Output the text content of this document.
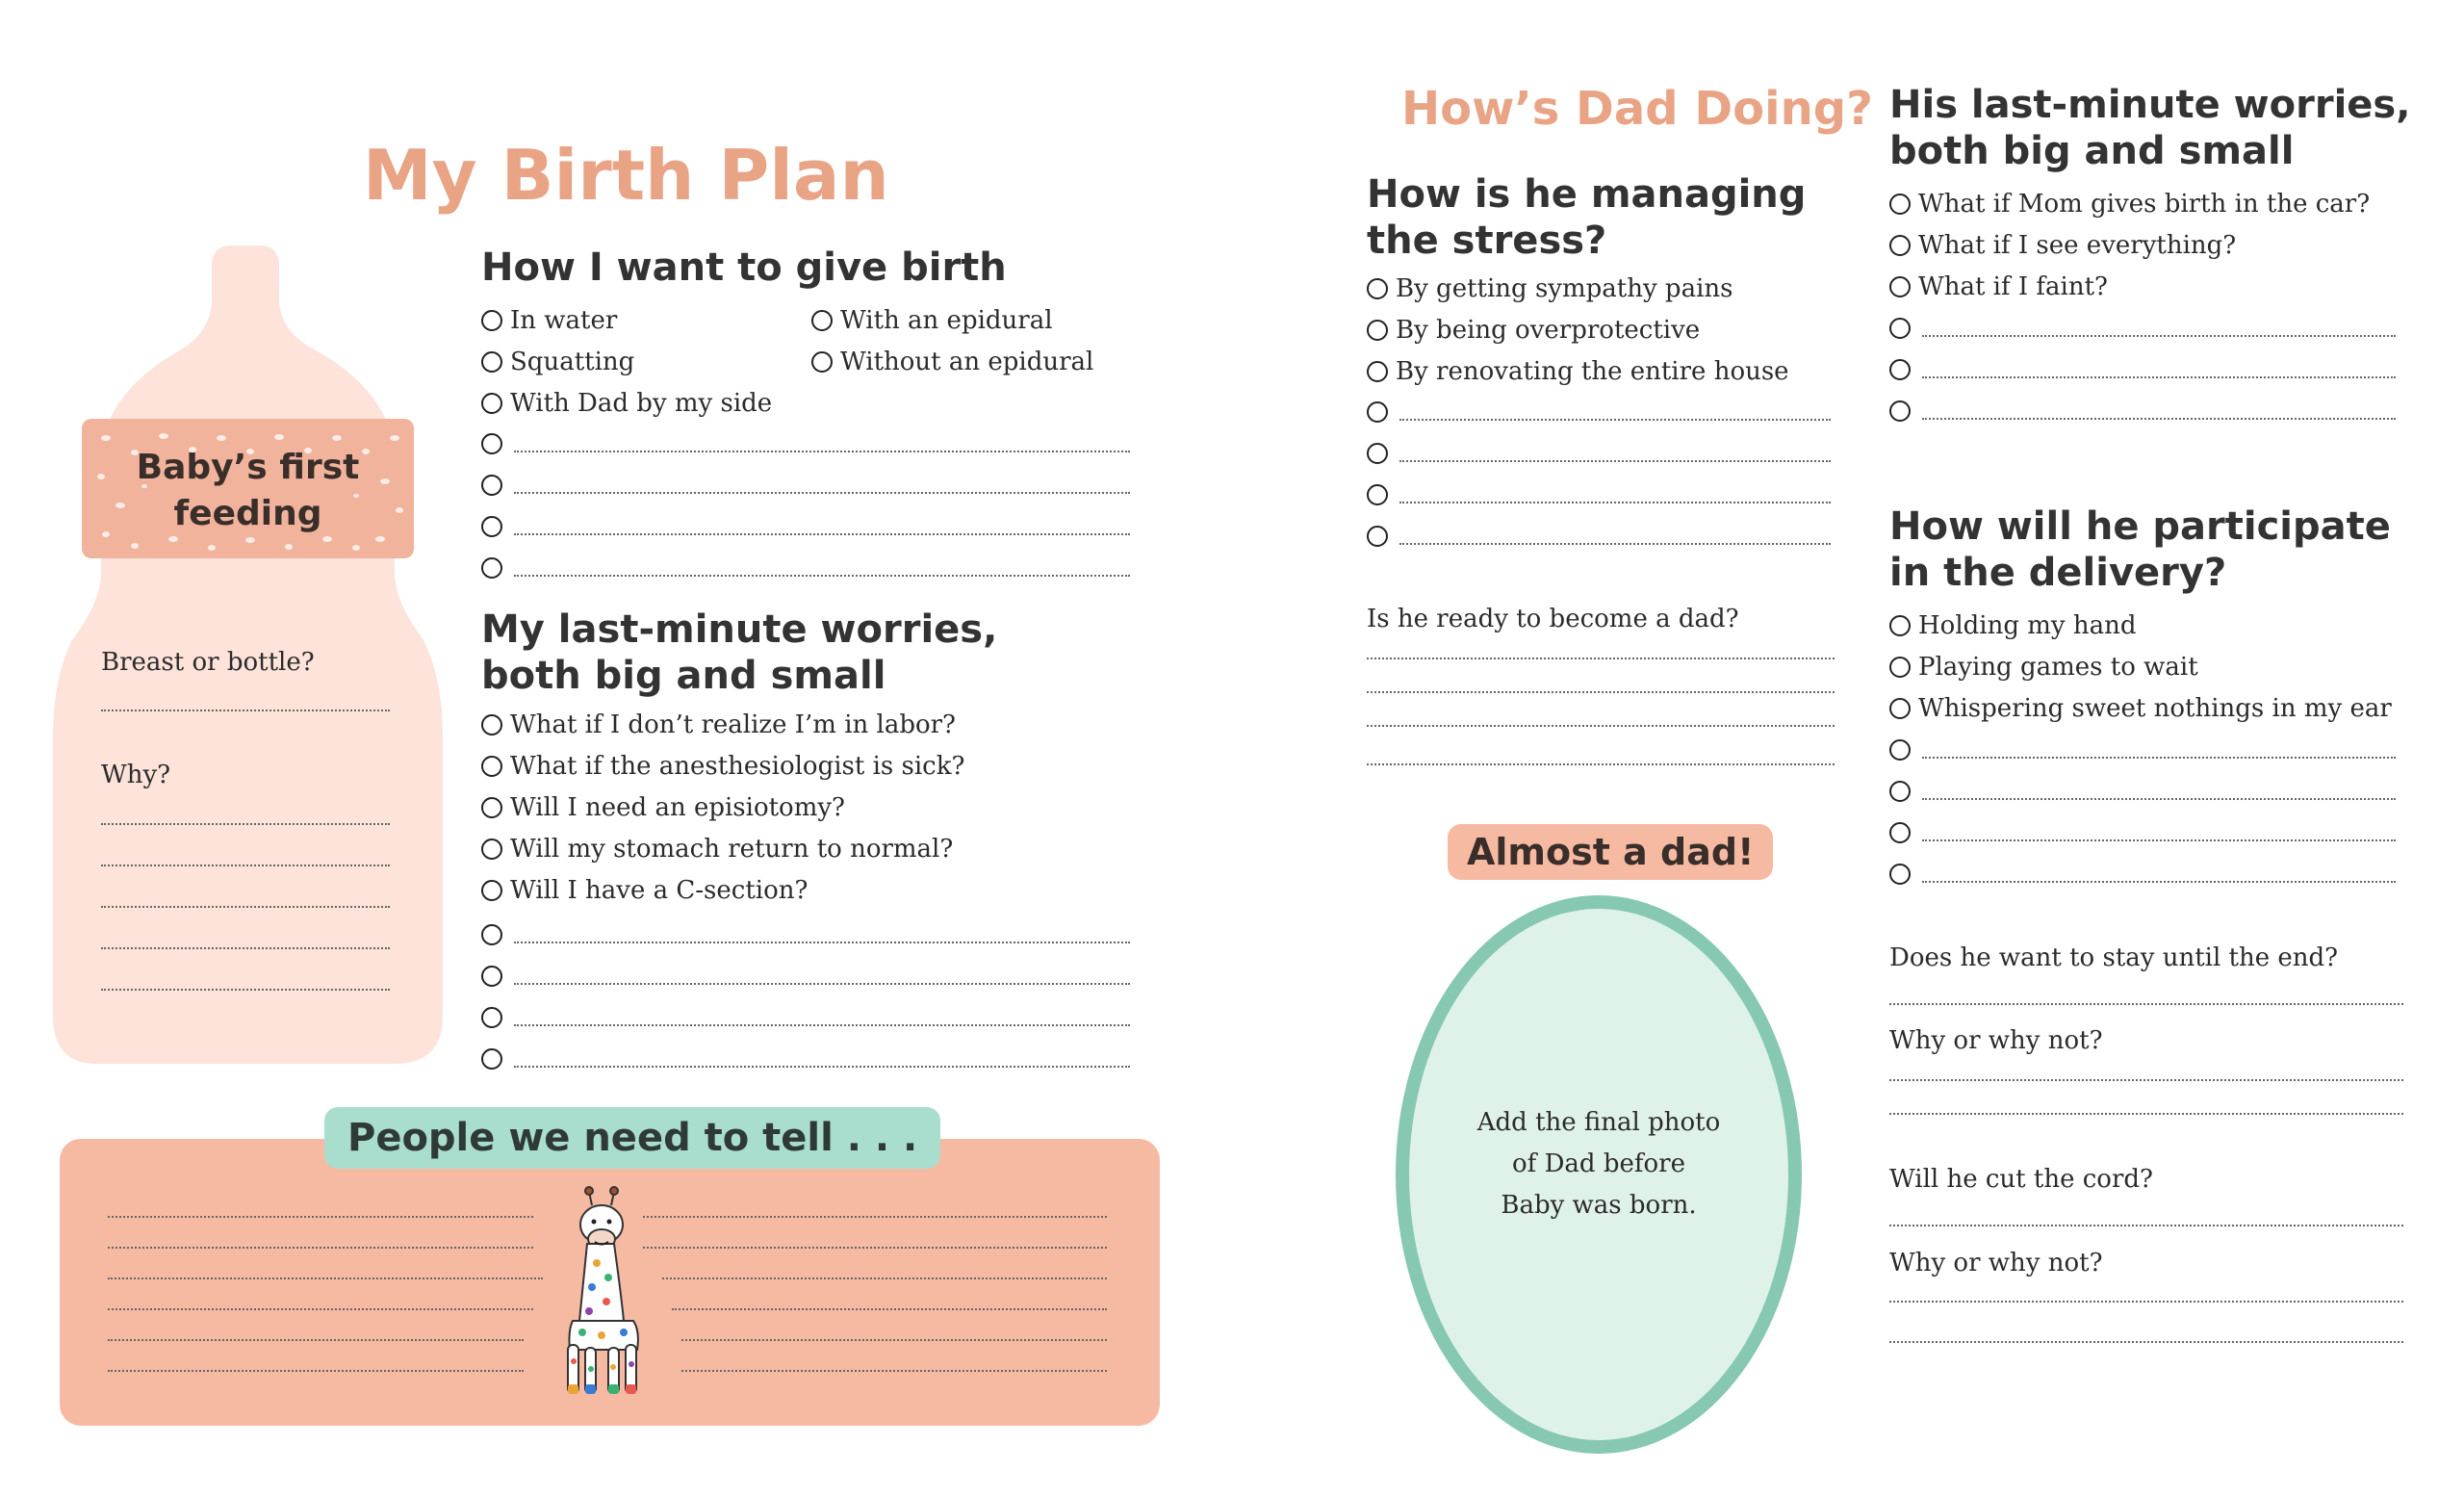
My Birth Plan
Baby’s first
feeding
Breast or bottle?
Why?
How I want to give birth
In water
Squatting
With Dad by my side
With an epidural
Without an epidural
My last-minute worries,
both big and small
What if I don’t realize I’m in labor?
What if the anesthesiologist is sick?
Will I need an episiotomy?
Will my stomach return to normal?
Will I have a C-section?
People we need to tell . . .
How’s Dad Doing?
How is he managing
the stress?
By getting sympathy pains
By being overprotective
By renovating the entire house
Is he ready to become a dad?
Almost a dad!
Add the final photo
of Dad before
Baby was born.
His last-minute worries,
both big and small
What if Mom gives birth in the car?
What if I see everything?
What if I faint?
How will he participate
in the delivery?
Holding my hand
Playing games to wait
Whispering sweet nothings in my ear
Does he want to stay until the end?
Why or why not?
Will he cut the cord?
Why or why not?
